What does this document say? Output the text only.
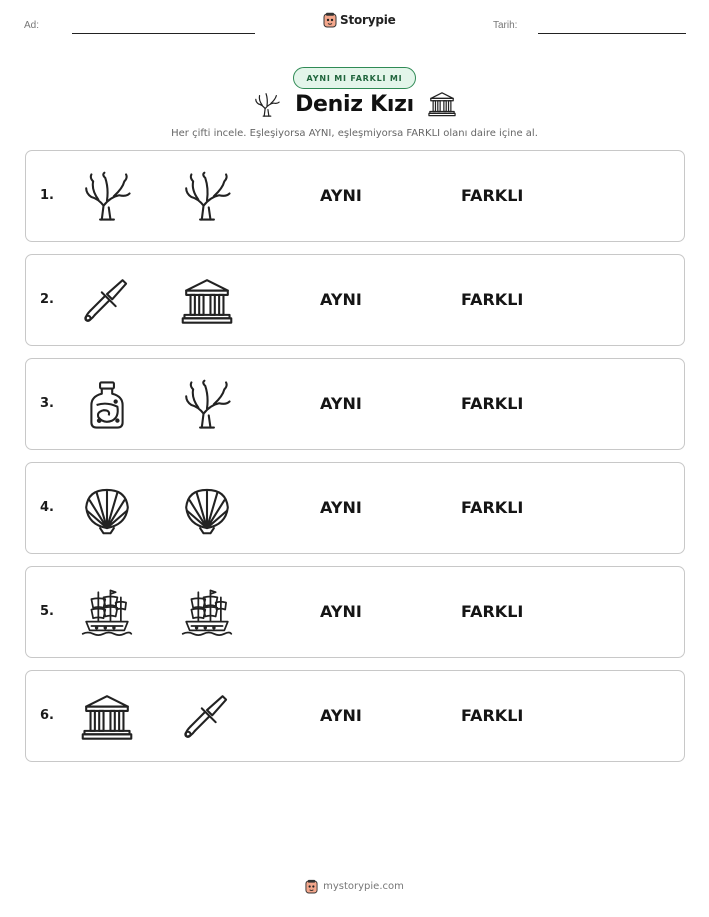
Ad:	Storypie	Tarih:
AYNI MI FARKLI MI
Deniz Kızı
Her çifti incele. Eşleşiyorsa AYNI, eşleşmiyorsa FARKLI olanı daire içine al.
1.	AYNI	FARKLI
2.	AYNI	FARKLI
3.	AYNI	FARKLI
4.	AYNI	FARKLI
5.	AYNI	FARKLI
6.	AYNI	FARKLI
mystorypie.com
